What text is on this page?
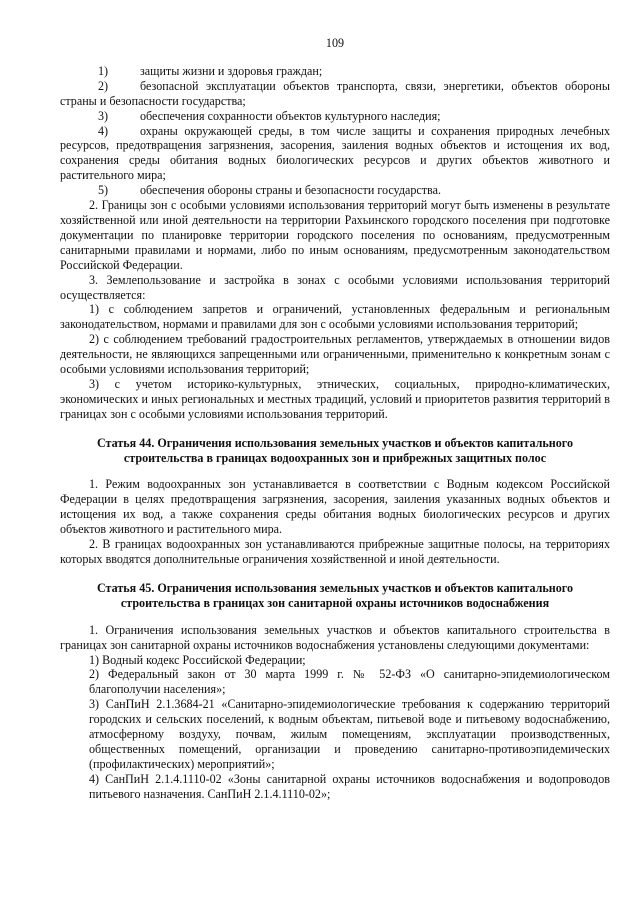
109

1)	защиты жизни и здоровья граждан;

2)	безопасной эксплуатации объектов транспорта, связи, энергетики, объектов обороны страны и безопасности государства;

3)	обеспечения сохранности объектов культурного наследия;

4)	охраны окружающей среды, в том числе защиты и сохранения природных лечебных ресурсов, предотвращения загрязнения, засорения, заиления водных объектов и истощения их вод, сохранения среды обитания водных биологических ресурсов и других объектов животного и растительного мира;

5)	обеспечения обороны страны и безопасности государства.

2. Границы зон с особыми условиями использования территорий могут быть изменены в результате хозяйственной или иной деятельности на территории Рахьинского городского поселения при подготовке документации по планировке территории городского поселения по основаниям, предусмотренным санитарными правилами и нормами, либо по иным основаниям, предусмотренным законодательством Российской Федерации.

3. Землепользование и застройка в зонах с особыми условиями использования территорий осуществляется:

1) с соблюдением запретов и ограничений, установленных федеральным и региональным законодательством, нормами и правилами для зон с особыми условиями использования территорий;

2) с соблюдением требований градостроительных регламентов, утверждаемых в отношении видов деятельности, не являющихся запрещенными или ограниченными, применительно к конкретным зонам с особыми условиями использования территорий;

3) с учетом историко-культурных, этнических, социальных, природно-климатических, экономических и иных региональных и местных традиций, условий и приоритетов развития территорий в границах зон с особыми условиями использования территорий.

Статья 44. Ограничения использования земельных участков и объектов капитального строительства в границах водоохранных зон и прибрежных защитных полос

1. Режим водоохранных зон устанавливается в соответствии с Водным кодексом Российской Федерации в целях предотвращения загрязнения, засорения, заиления указанных водных объектов и истощения их вод, а также сохранения среды обитания водных биологических ресурсов и других объектов животного и растительного мира.

2. В границах водоохранных зон устанавливаются прибрежные защитные полосы, на территориях которых вводятся дополнительные ограничения хозяйственной и иной деятельности.

Статья 45. Ограничения использования земельных участков и объектов капитального строительства в границах зон санитарной охраны источников водоснабжения

1. Ограничения использования земельных участков и объектов капитального строительства в границах зон санитарной охраны источников водоснабжения установлены следующими документами:

1) Водный кодекс Российской Федерации;

2) Федеральный закон от 30 марта 1999 г. № 52-ФЗ «О санитарно-эпидемиологическом благополучии населения»;

3) СанПиН 2.1.3684-21 «Санитарно-эпидемиологические требования к содержанию территорий городских и сельских поселений, к водным объектам, питьевой воде и питьевому водоснабжению, атмосферному воздуху, почвам, жилым помещениям, эксплуатации производственных, общественных помещений, организации и проведению санитарно-противоэпидемических (профилактических) мероприятий»;

4) СанПиН 2.1.4.1110-02 «Зоны санитарной охраны источников водоснабжения и водопроводов питьевого назначения. СанПиН 2.1.4.1110-02»;
